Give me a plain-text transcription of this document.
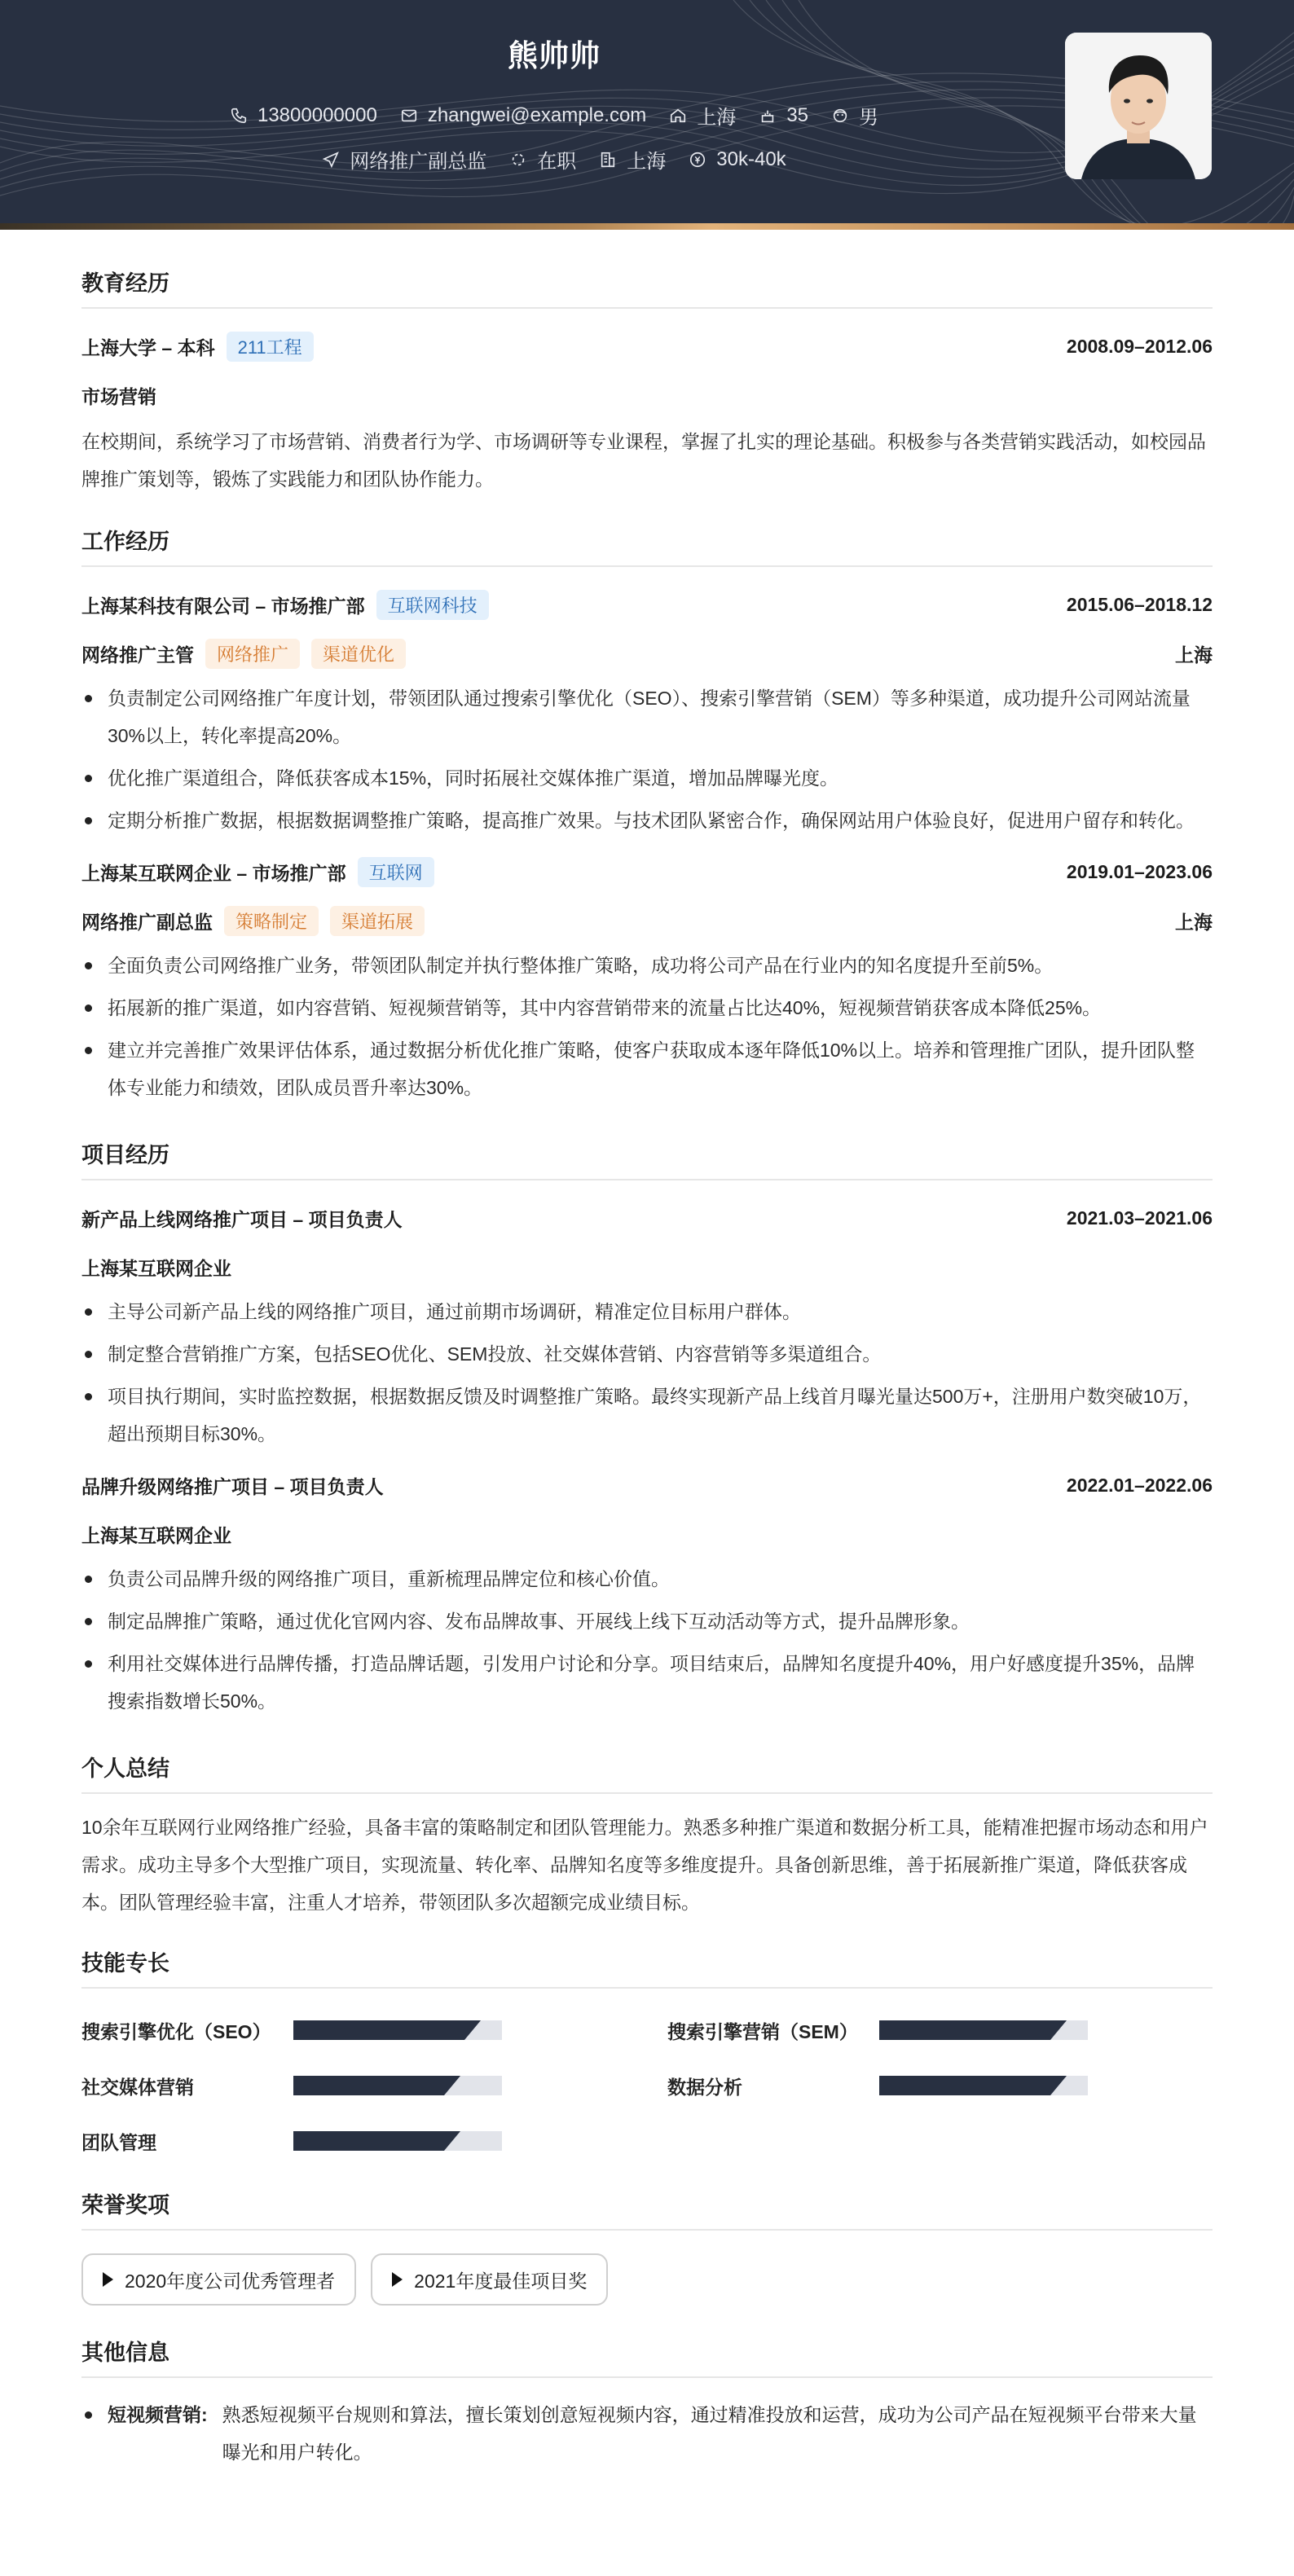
熊帅帅
13800000000	zhangwei@example.com	上海	35	男
网络推广副总监	在职	上海	30k-40k
教育经历
上海大学 – 本科	211工程	2008.09–2012.06
市场营销

在校期间，系统学习了市场营销、消费者行为学、市场调研等专业课程，掌握了扎实的理论基础。积极参与各类营销实践活动，如校园品牌推广策划等，锻炼了实践能力和团队协作能力。

工作经历
上海某科技有限公司 – 市场推广部	互联网科技	2015.06–2018.12
网络推广主管	网络推广	渠道优化	上海
负责制定公司网络推广年度计划，带领团队通过搜索引擎优化（SEO）、搜索引擎营销（SEM）等多种渠道，成功提升公司网站流量30%以上，转化率提高20%。
优化推广渠道组合，降低获客成本15%，同时拓展社交媒体推广渠道，增加品牌曝光度。
定期分析推广数据，根据数据调整推广策略，提高推广效果。与技术团队紧密合作，确保网站用户体验良好，促进用户留存和转化。
上海某互联网企业 – 市场推广部	互联网	2019.01–2023.06
网络推广副总监	策略制定	渠道拓展	上海
全面负责公司网络推广业务，带领团队制定并执行整体推广策略，成功将公司产品在行业内的知名度提升至前5%。
拓展新的推广渠道，如内容营销、短视频营销等，其中内容营销带来的流量占比达40%，短视频营销获客成本降低25%。
建立并完善推广效果评估体系，通过数据分析优化推广策略，使客户获取成本逐年降低10%以上。培养和管理推广团队，提升团队整体专业能力和绩效，团队成员晋升率达30%。
项目经历
新产品上线网络推广项目 – 项目负责人	2021.03–2021.06
上海某互联网企业
主导公司新产品上线的网络推广项目，通过前期市场调研，精准定位目标用户群体。
制定整合营销推广方案，包括SEO优化、SEM投放、社交媒体营销、内容营销等多渠道组合。
项目执行期间，实时监控数据，根据数据反馈及时调整推广策略。最终实现新产品上线首月曝光量达500万+，注册用户数突破10万，超出预期目标30%。
品牌升级网络推广项目 – 项目负责人	2022.01–2022.06
上海某互联网企业
负责公司品牌升级的网络推广项目，重新梳理品牌定位和核心价值。
制定品牌推广策略，通过优化官网内容、发布品牌故事、开展线上线下互动活动等方式，提升品牌形象。
利用社交媒体进行品牌传播，打造品牌话题，引发用户讨论和分享。项目结束后，品牌知名度提升40%，用户好感度提升35%，品牌搜索指数增长50%。
个人总结

10余年互联网行业网络推广经验，具备丰富的策略制定和团队管理能力。熟悉多种推广渠道和数据分析工具，能精准把握市场动态和用户需求。成功主导多个大型推广项目，实现流量、转化率、品牌知名度等多维度提升。具备创新思维，善于拓展新推广渠道，降低获客成本。团队管理经验丰富，注重人才培养，带领团队多次超额完成业绩目标。

技能专长
搜索引擎优化（SEO）	搜索引擎营销（SEM）
社交媒体营销	数据分析
团队管理
荣誉奖项
2020年度公司优秀管理者	2021年度最佳项目奖
其他信息
短视频营销: 熟悉短视频平台规则和算法，擅长策划创意短视频内容，通过精准投放和运营，成功为公司产品在短视频平台带来大量曝光和用户转化。
